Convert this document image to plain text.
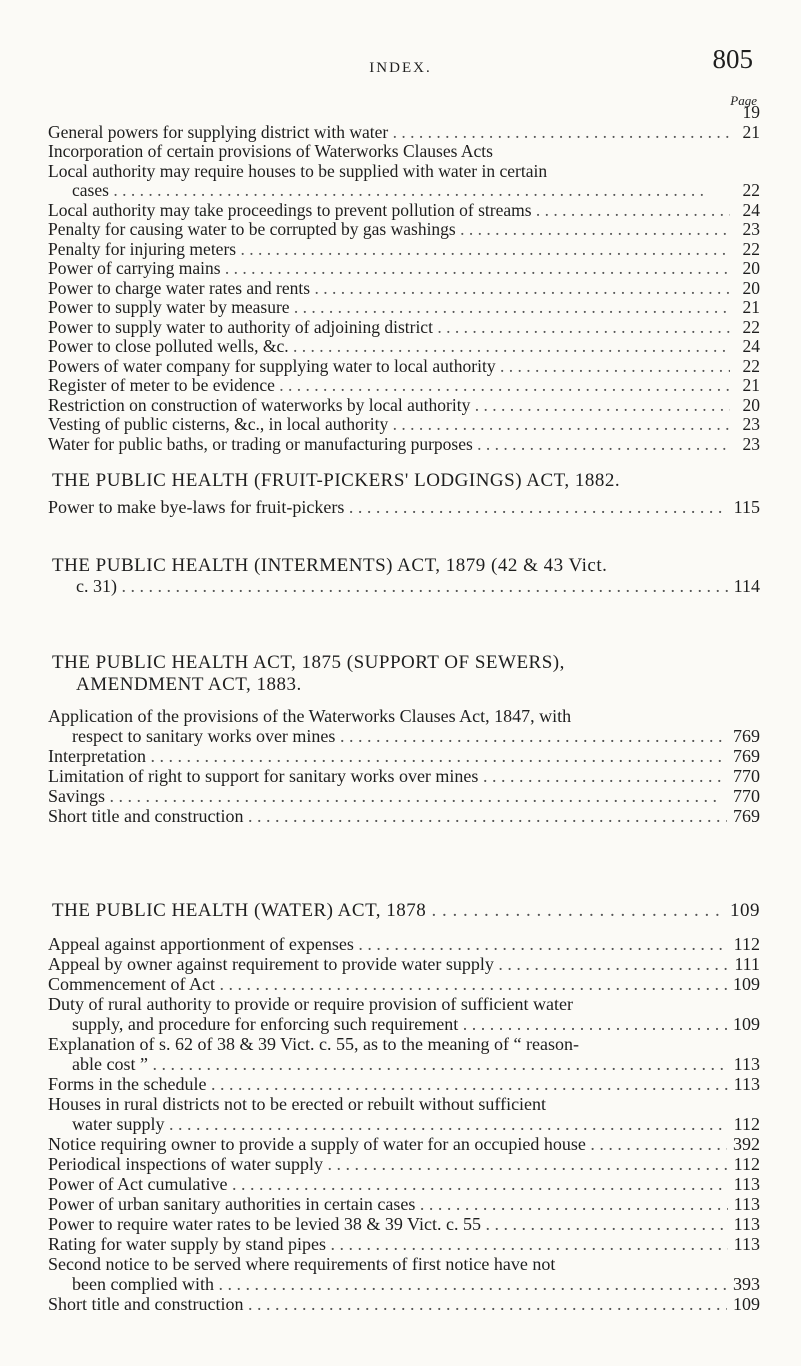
INDEX.	805
Page
19
General powers for supplying district with water . . .	21
Incorporation of certain provisions of Waterworks Clauses Acts
Local authority may require houses to be supplied with water in certain
cases . . .	22
Local authority may take proceedings to prevent pollution of streams . . .	24
Penalty for causing water to be corrupted by gas washings . . .	23
Penalty for injuring meters . . .	22
Power of carrying mains . . .	20
Power to charge water rates and rents . . .	20
Power to supply water by measure . . .	21
Power to supply water to authority of adjoining district . . .	22
Power to close polluted wells, &c. . . .	24
Powers of water company for supplying water to local authority . . .	22
Register of meter to be evidence . . .	21
Restriction on construction of waterworks by local authority . . .	20
Vesting of public cisterns, &c., in local authority . . .	23
Water for public baths, or trading or manufacturing purposes . . .	23
THE PUBLIC HEALTH (FRUIT-PICKERS' LODGINGS) ACT, 1882.
Power to make bye-laws for fruit-pickers . . .	115
THE PUBLIC HEALTH (INTERMENTS) ACT, 1879 (42 & 43 Vict.
c. 31) . . .	114
THE PUBLIC HEALTH ACT, 1875 (SUPPORT OF SEWERS),
AMENDMENT ACT, 1883.
Application of the provisions of the Waterworks Clauses Act, 1847, with
respect to sanitary works over mines . . .	769
Interpretation . . .	769
Limitation of right to support for sanitary works over mines . . .	770
Savings . . .	770
Short title and construction . . .	769
THE PUBLIC HEALTH (WATER) ACT, 1878 . . .	109
Appeal against apportionment of expenses . . .	112
Appeal by owner against requirement to provide water supply . . .	111
Commencement of Act . . .	109
Duty of rural authority to provide or require provision of sufficient water
supply, and procedure for enforcing such requirement . . .	109
Explanation of s. 62 of 38 & 39 Vict. c. 55, as to the meaning of “ reason-
able cost ” . . .	113
Forms in the schedule . . .	113
Houses in rural districts not to be erected or rebuilt without sufficient
water supply . . .	112
Notice requiring owner to provide a supply of water for an occupied house . . .	392
Periodical inspections of water supply . . .	112
Power of Act cumulative . . .	113
Power of urban sanitary authorities in certain cases . . .	113
Power to require water rates to be levied 38 & 39 Vict. c. 55 . . .	113
Rating for water supply by stand pipes . . .	113
Second notice to be served where requirements of first notice have not
been complied with . . .	393
Short title and construction . . .	109
